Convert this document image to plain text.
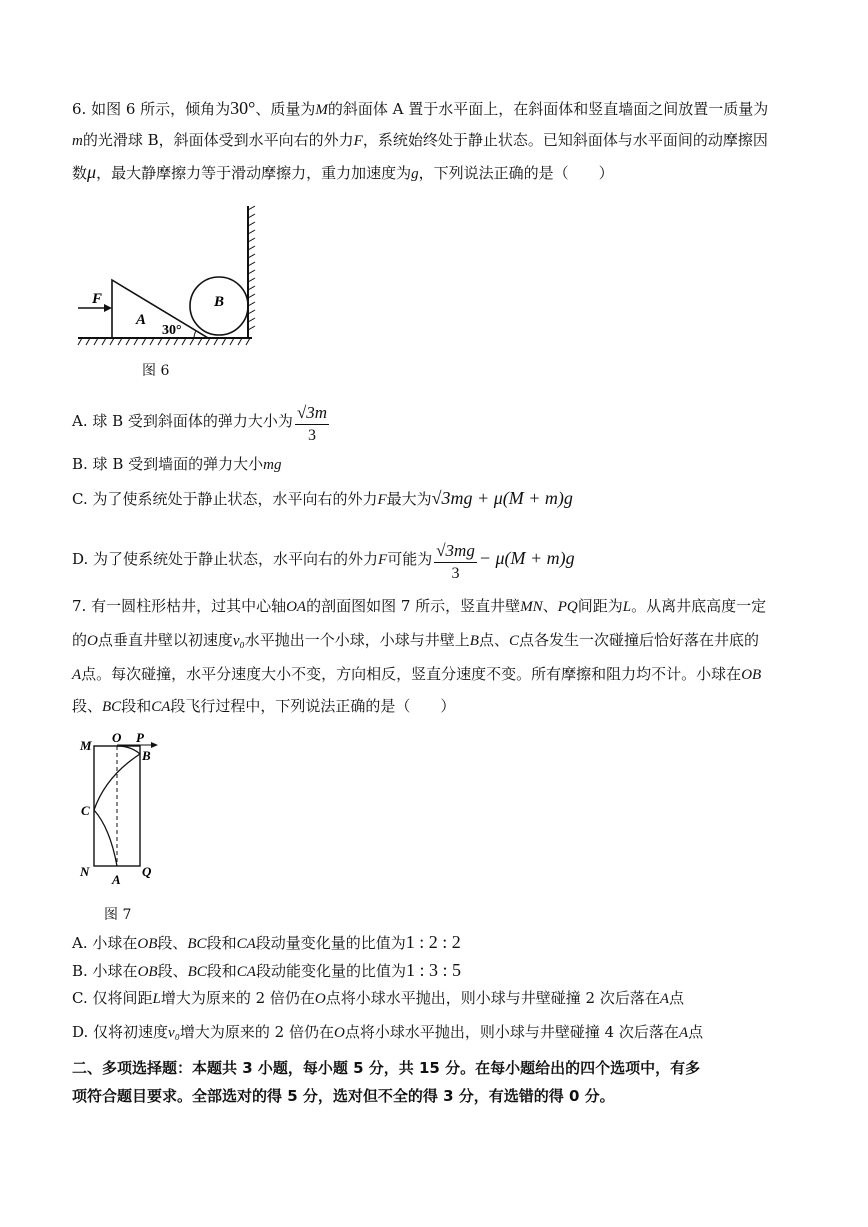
6. 如图 6 所示，倾角为30°、质量为M的斜面体 A 置于水平面上，在斜面体和竖直墙面之间放置一质量为
m的光滑球 B，斜面体受到水平向右的外力F，系统始终处于静止状态。已知斜面体与水平面间的动摩擦因
数μ，最大静摩擦力等于滑动摩擦力，重力加速度为g，下列说法正确的是（　　）
F
A
B
30°
图 6
A. 球 B 受到斜面体的弹力大小为 $\frac{√3m}{3}$
B. 球 B 受到墙面的弹力大小mg
C. 为了使系统处于静止状态，水平向右的外力F最大为√3mg + μ(M + m)g
D. 为了使系统处于静止状态，水平向右的外力F可能为 $\frac{√3mg}{3} - \mu(M + m)g$
7. 有一圆柱形枯井，过其中心轴OA的剖面图如图 7 所示，竖直井壁MN、PQ间距为L。从离井底高度一定
的O点垂直井壁以初速度v₀水平抛出一个小球，小球与井壁上B点、C点各发生一次碰撞后恰好落在井底的
A点。每次碰撞，水平分速度大小不变，方向相反，竖直分速度不变。所有摩擦和阻力均不计。小球在OB
段、BC段和CA段飞行过程中，下列说法正确的是（　　）
M
O P
B
C
N
A
Q
图 7
A. 小球在OB段、BC段和CA段动量变化量的比值为1 : 2 : 2
B. 小球在OB段、BC段和CA段动能变化量的比值为1 : 3 : 5
C. 仅将间距L增大为原来的 2 倍仍在O点将小球水平抛出，则小球与井壁碰撞 2 次后落在A点
D. 仅将初速度v₀增大为原来的 2 倍仍在O点将小球水平抛出，则小球与井壁碰撞 4 次后落在A点
二、多项选择题：本题共 3 小题，每小题 5 分，共 15 分。在每小题给出的四个选项中，有多
项符合题目要求。全部选对的得 5 分，选对但不全的得 3 分，有选错的得 0 分。
